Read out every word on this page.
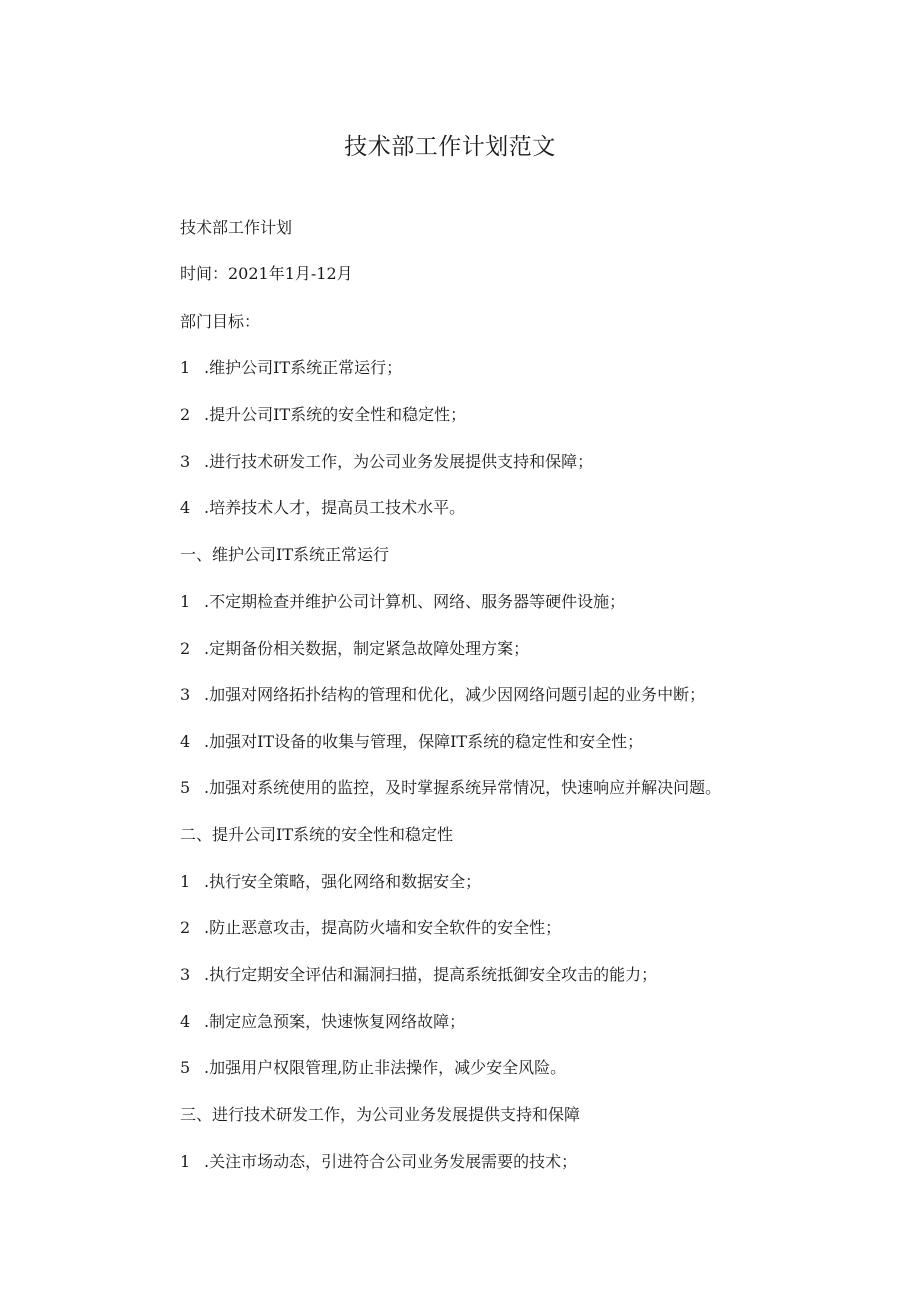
技术部工作计划范文

技术部工作计划

时间：2021年1月-12月

部门目标：

1 .维护公司IT系统正常运行；

2 .提升公司IT系统的安全性和稳定性；

3 .进行技术研发工作，为公司业务发展提供支持和保障；

4 .培养技术人才，提高员工技术水平。

一、维护公司IT系统正常运行

1 .不定期检查并维护公司计算机、网络、服务器等硬件设施；

2 .定期备份相关数据，制定紧急故障处理方案；

3 .加强对网络拓扑结构的管理和优化，减少因网络问题引起的业务中断；

4 .加强对IT设备的收集与管理，保障IT系统的稳定性和安全性；

5 .加强对系统使用的监控，及时掌握系统异常情况，快速响应并解决问题。

二、提升公司IT系统的安全性和稳定性

1 .执行安全策略，强化网络和数据安全；

2 .防止恶意攻击，提高防火墙和安全软件的安全性；

3 .执行定期安全评估和漏洞扫描，提高系统抵御安全攻击的能力；

4 .制定应急预案，快速恢复网络故障；

5 .加强用户权限管理,防止非法操作，减少安全风险。

三、进行技术研发工作，为公司业务发展提供支持和保障

1 .关注市场动态，引进符合公司业务发展需要的技术；
